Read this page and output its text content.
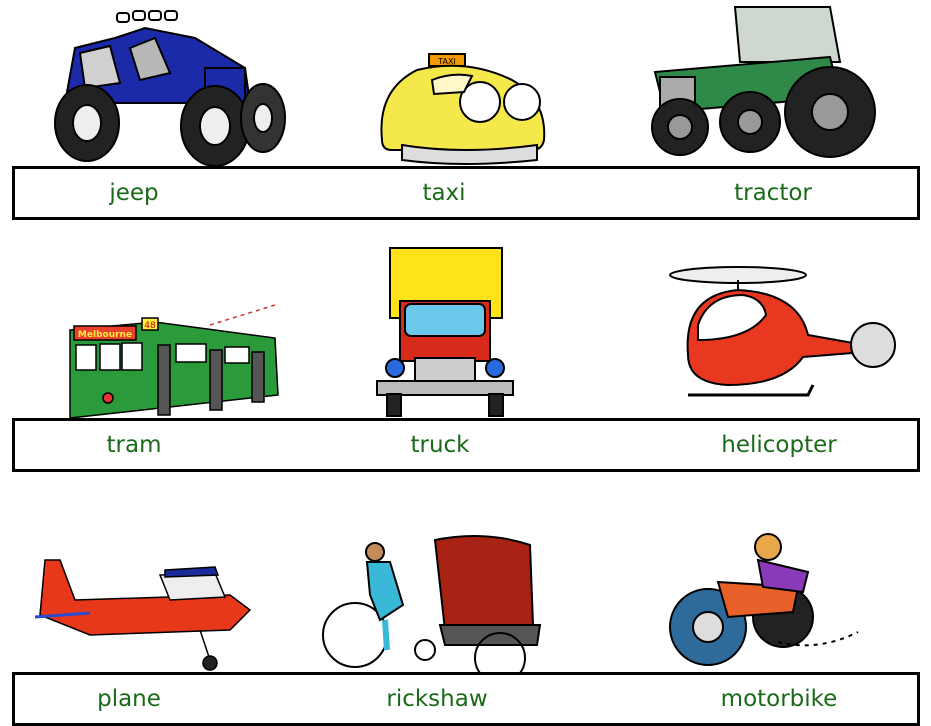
TAXI
jeep	taxi	tractor
Melbourne
48
tram	truck	helicopter
plane	rickshaw	motorbike
